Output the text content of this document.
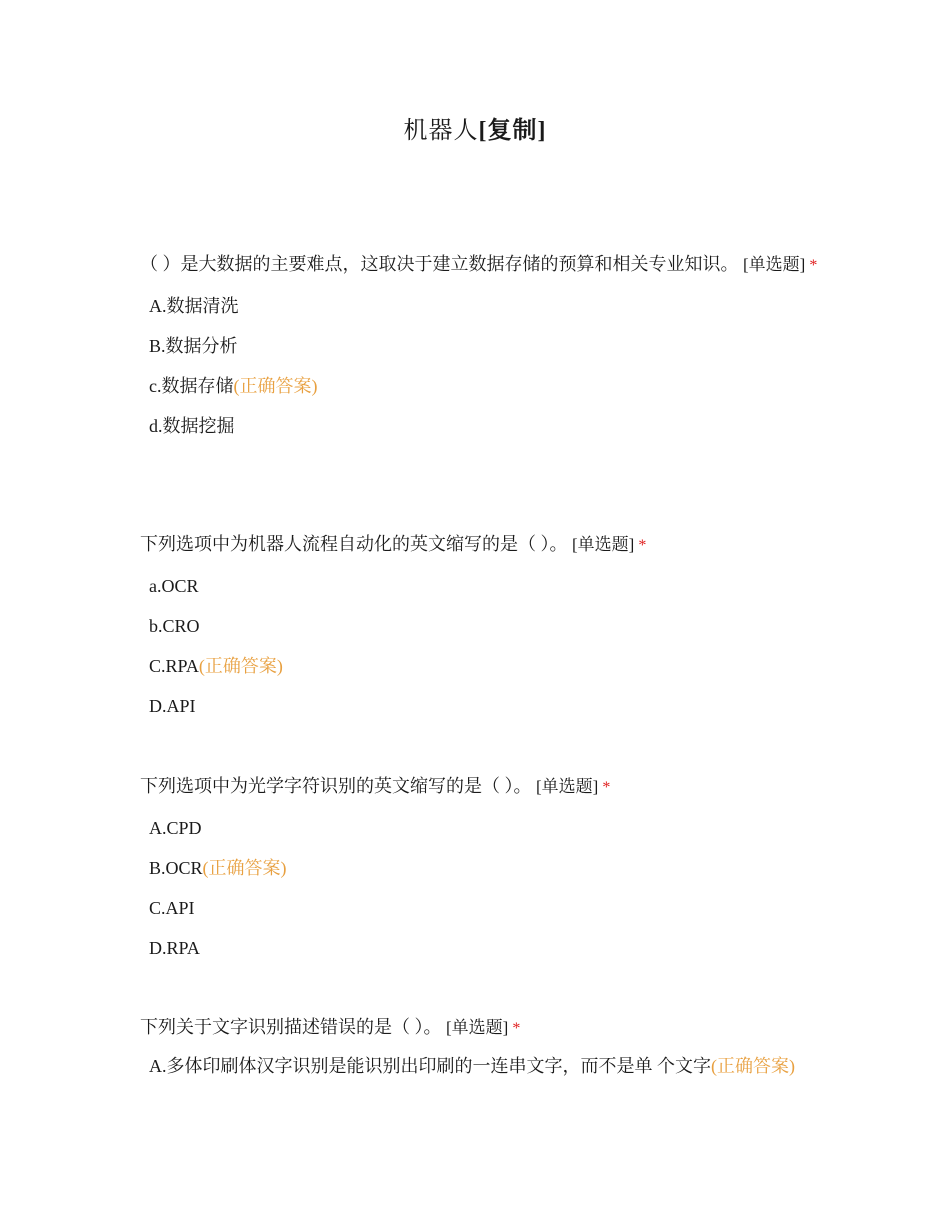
机器人[复制]

（ ）是大数据的主要难点，这取决于建立数据存储的预算和相关专业知识。 [单选题] *

A.数据清洗
B.数据分析
c.数据存储(正确答案)
d.数据挖掘

下列选项中为机器人流程自动化的英文缩写的是（ ）。 [单选题] *

a.OCR
b.CRO
C.RPA(正确答案)
D.API

下列选项中为光学字符识别的英文缩写的是（ ）。 [单选题] *

A.CPD
B.OCR(正确答案)
C.API
D.RPA

下列关于文字识别描述错误的是（ ）。 [单选题] *

A.多体印刷体汉字识别是能识别出印刷的一连串文字，而不是单 个文字(正确答案)
